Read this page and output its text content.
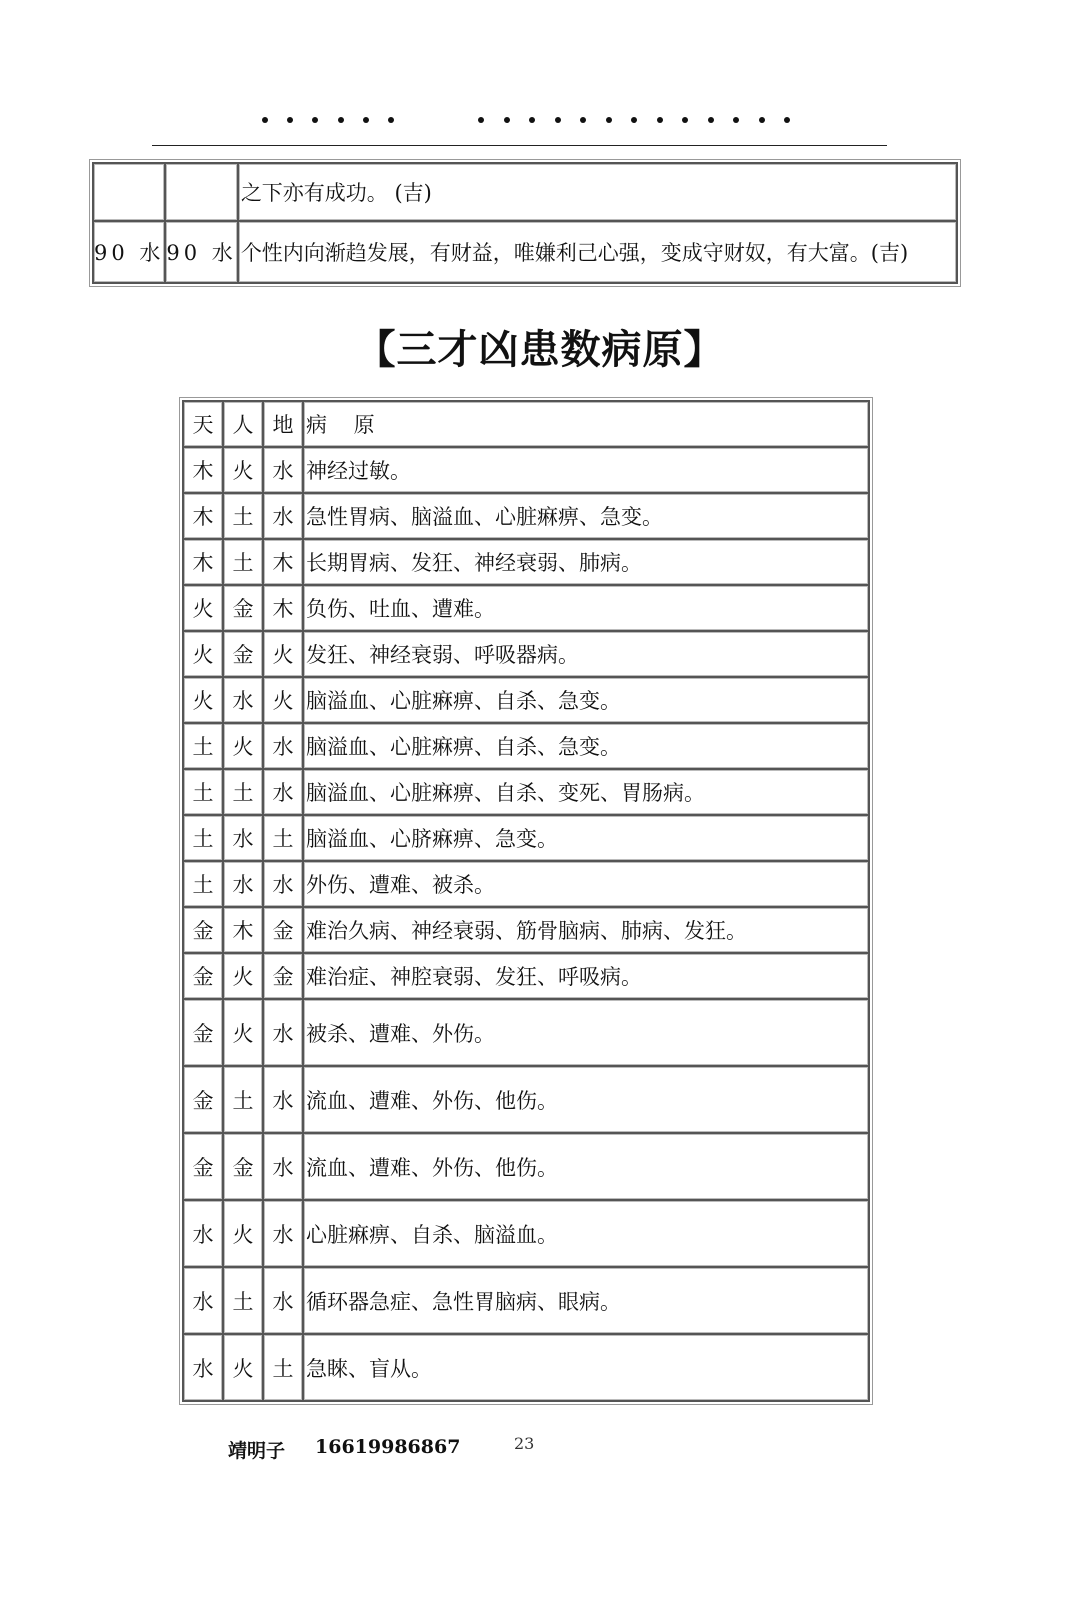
		之下亦有成功。 (吉)
90 水	90 水	个性内向渐趋发展，有财益，唯嫌利己心强，变成守财奴，有大富。(吉)
【三才凶患数病原】
天	人	地	病 原
木	火	水	神经过敏。
木	土	水	急性胃病、脑溢血、心脏痳痹、急变。
木	土	木	长期胃病、发狂、神经衰弱、肺病。
火	金	木	负伤、吐血、遭难。
火	金	火	发狂、神经衰弱、呼吸器病。
火	水	火	脑溢血、心脏痳痹、自杀、急变。
土	火	水	脑溢血、心脏痳痹、自杀、急变。
土	土	水	脑溢血、心脏痳痹、自杀、变死、胃肠病。
土	水	土	脑溢血、心脐痳痹、急变。
土	水	水	外伤、遭难、被杀。
金	木	金	难治久病、神经衰弱、筋骨脑病、肺病、发狂。
金	火	金	难治症、神腔衰弱、发狂、呼吸病。
金	火	水	被杀、遭难、外伤。
金	土	水	流血、遭难、外伤、他伤。
金	金	水	流血、遭难、外伤、他伤。
水	火	水	心脏痳痹、自杀、脑溢血。
水	土	水	循环器急症、急性胃脑病、眼病。
水	火	土	急睞、盲从。
靖明子 16619986867	23
